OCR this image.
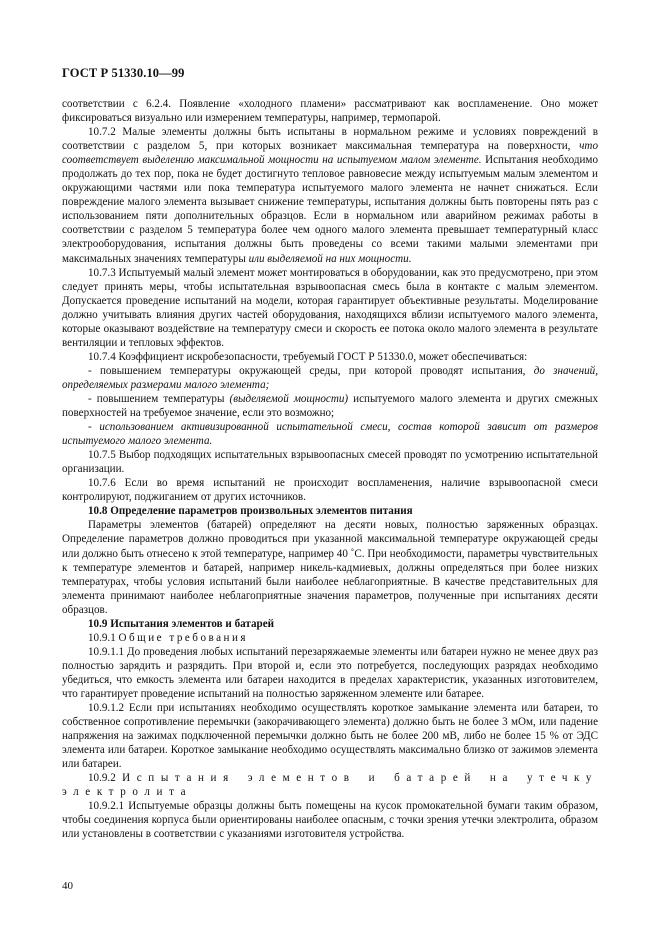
ГОСТ Р 51330.10—99

соответствии с 6.2.4. Появление «холодного пламени» рассматривают как воспламенение. Оно может фиксироваться визуально или измерением температуры, например, термопарой.

10.7.2 Малые элементы должны быть испытаны в нормальном режиме и условиях повреждений в соответствии с разделом 5, при которых возникает максимальная температура на поверхности, что соответствует выделению максимальной мощности на испытуемом малом элементе. Испытания необходимо продолжать до тех пор, пока не будет достигнуто тепловое равновесие между испытуемым малым элементом и окружающими частями или пока температура испытуемого малого элемента не начнет снижаться. Если повреждение малого элемента вызывает снижение температуры, испытания должны быть повторены пять раз с использованием пяти дополнительных образцов. Если в нормальном или аварийном режимах работы в соответствии с разделом 5 температура более чем одного малого элемента превышает температурный класс электрооборудования, испытания должны быть проведены со всеми такими малыми элементами при максимальных значениях температуры или выделяемой на них мощности.

10.7.3 Испытуемый малый элемент может монтироваться в оборудовании, как это предусмотрено, при этом следует принять меры, чтобы испытательная взрывоопасная смесь была в контакте с малым элементом. Допускается проведение испытаний на модели, которая гарантирует объективные результаты. Моделирование должно учитывать влияния других частей оборудования, находящихся вблизи испытуемого малого элемента, которые оказывают воздействие на температуру смеси и скорость ее потока около малого элемента в результате вентиляции и тепловых эффектов.

10.7.4 Коэффициент искробезопасности, требуемый ГОСТ Р 51330.0, может обеспечиваться:

- повышением температуры окружающей среды, при которой проводят испытания, до значений, определяемых размерами малого элемента;

- повышением температуры (выделяемой мощности) испытуемого малого элемента и других смежных поверхностей на требуемое значение, если это возможно;

- использованием активизированной испытательной смеси, состав которой зависит от размеров испытуемого малого элемента.

10.7.5 Выбор подходящих испытательных взрывоопасных смесей проводят по усмотрению испытательной организации.

10.7.6 Если во время испытаний не происходит воспламенения, наличие взрывоопасной смеси контролируют, поджиганием от других источников.

10.8 Определение параметров произвольных элементов питания

Параметры элементов (батарей) определяют на десяти новых, полностью заряженных образцах. Определение параметров должно проводиться при указанной максимальной температуре окружающей среды или должно быть отнесено к этой температуре, например 40 ˚С. При необходимости, параметры чувствительных к температуре элементов и батарей, например никель-кадмиевых, должны определяться при более низких температурах, чтобы условия испытаний были наиболее неблагоприятные. В качестве представительных для элемента принимают наиболее неблагоприятные значения параметров, полученные при испытаниях десяти образцов.

10.9 Испытания элементов и батарей

10.9.1 Общие требования

10.9.1.1 До проведения любых испытаний перезаряжаемые элементы или батареи нужно не менее двух раз полностью зарядить и разрядить. При второй и, если это потребуется, последующих разрядах необходимо убедиться, что емкость элемента или батареи находится в пределах характеристик, указанных изготовителем, что гарантирует проведение испытаний на полностью заряженном элементе или батарее.

10.9.1.2 Если при испытаниях необходимо осуществлять короткое замыкание элемента или батареи, то собственное сопротивление перемычки (закорачивающего элемента) должно быть не более 3 мОм, или падение напряжения на зажимах подключенной перемычки должно быть не более 200 мВ, либо не более 15 % от ЭДС элемента или батареи. Короткое замыкание необходимо осуществлять максимально близко от зажимов элемента или батареи.

10.9.2 Испытания элементов и батарей на утечку электролита

10.9.2.1 Испытуемые образцы должны быть помещены на кусок промокательной бумаги таким образом, чтобы соединения корпуса были ориентированы наиболее опасным, с точки зрения утечки электролита, образом или установлены в соответствии с указаниями изготовителя устройства.

40
